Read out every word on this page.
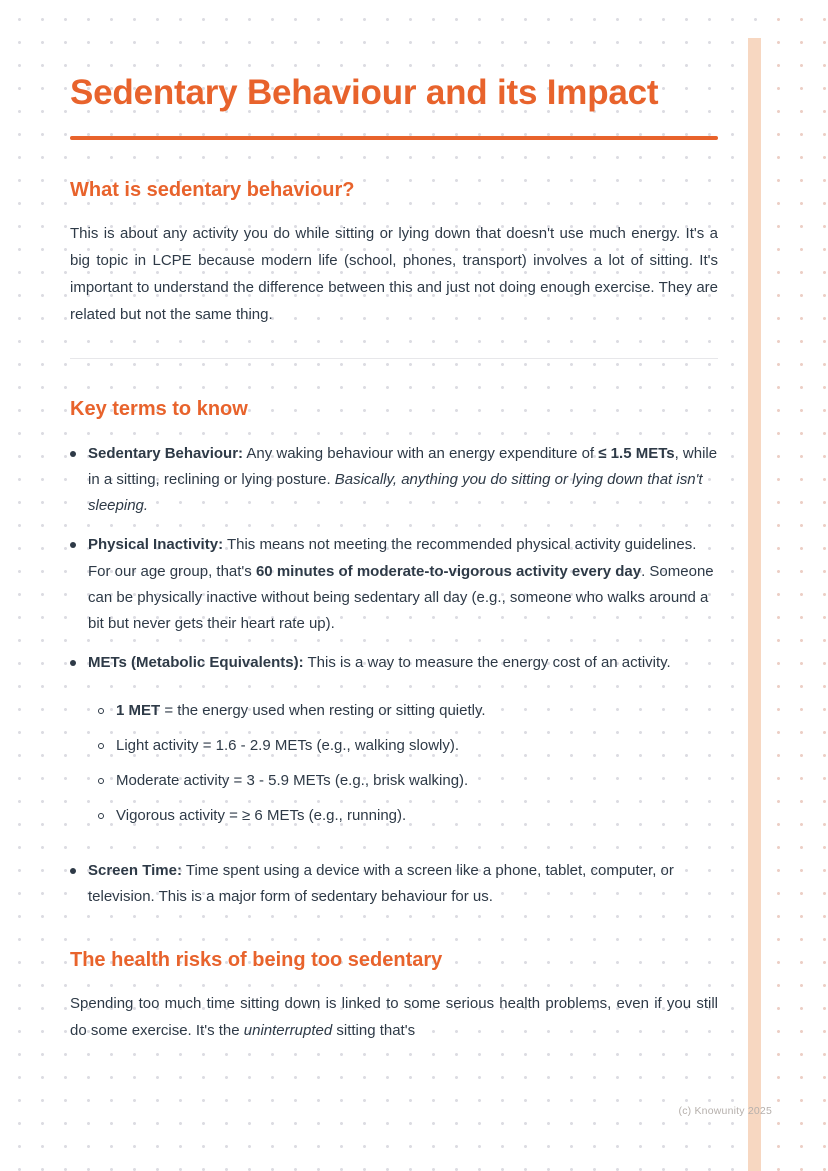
Sedentary Behaviour and its Impact
What is sedentary behaviour?

This is about any activity you do while sitting or lying down that doesn't use much energy. It's a big topic in LCPE because modern life (school, phones, transport) involves a lot of sitting. It's important to understand the difference between this and just not doing enough exercise. They are related but not the same thing.

Key terms to know

Sedentary Behaviour: Any waking behaviour with an energy expenditure of ≤ 1.5 METs, while in a sitting, reclining or lying posture. Basically, anything you do sitting or lying down that isn't sleeping.

Physical Inactivity: This means not meeting the recommended physical activity guidelines. For our age group, that's 60 minutes of moderate-to-vigorous activity every day. Someone can be physically inactive without being sedentary all day (e.g., someone who walks around a bit but never gets their heart rate up).

METs (Metabolic Equivalents): This is a way to measure the energy cost of an activity.

1 MET = the energy used when resting or sitting quietly.

Light activity = 1.6 - 2.9 METs (e.g., walking slowly).

Moderate activity = 3 - 5.9 METs (e.g., brisk walking).

Vigorous activity = ≥ 6 METs (e.g., running).

Screen Time: Time spent using a device with a screen like a phone, tablet, computer, or television. This is a major form of sedentary behaviour for us.

The health risks of being too sedentary

Spending too much time sitting down is linked to some serious health problems, even if you still do some exercise. It's the uninterrupted sitting that's

(c) Knowunity 2025
